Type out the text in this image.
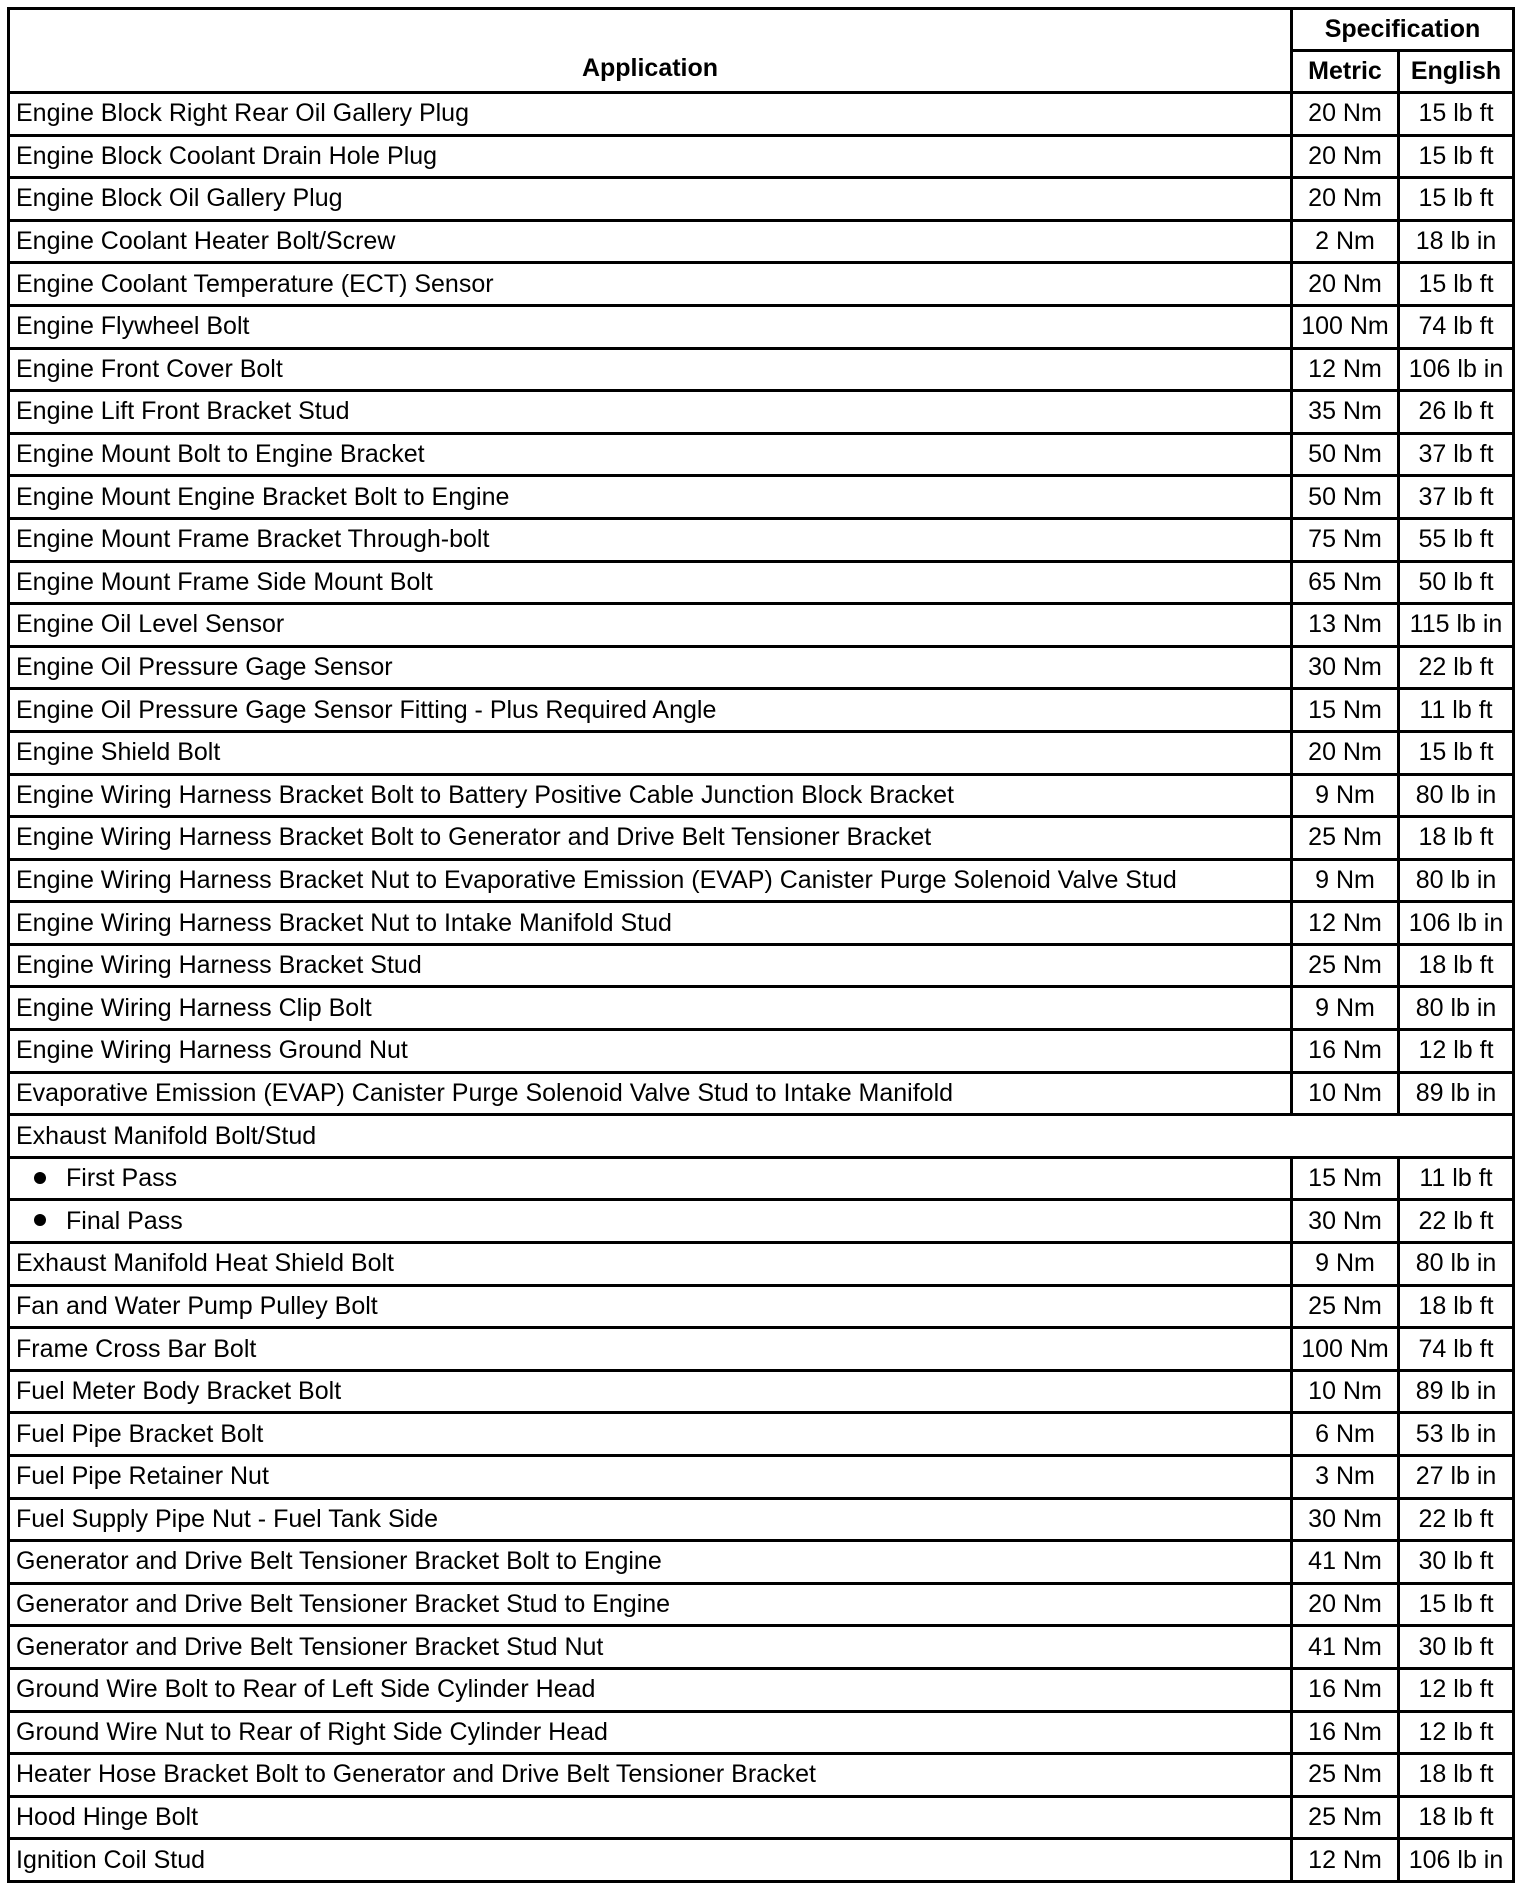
Application	Specification	
	Metric	English
Engine Block Right Rear Oil Gallery Plug	20 Nm	15 lb ft
Engine Block Coolant Drain Hole Plug	20 Nm	15 lb ft
Engine Block Oil Gallery Plug	20 Nm	15 lb ft
Engine Coolant Heater Bolt/Screw	2 Nm	18 lb in
Engine Coolant Temperature (ECT) Sensor	20 Nm	15 lb ft
Engine Flywheel Bolt	100 Nm	74 lb ft
Engine Front Cover Bolt	12 Nm	106 lb in
Engine Lift Front Bracket Stud	35 Nm	26 lb ft
Engine Mount Bolt to Engine Bracket	50 Nm	37 lb ft
Engine Mount Engine Bracket Bolt to Engine	50 Nm	37 lb ft
Engine Mount Frame Bracket Through-bolt	75 Nm	55 lb ft
Engine Mount Frame Side Mount Bolt	65 Nm	50 lb ft
Engine Oil Level Sensor	13 Nm	115 lb in
Engine Oil Pressure Gage Sensor	30 Nm	22 lb ft
Engine Oil Pressure Gage Sensor Fitting - Plus Required Angle	15 Nm	11 lb ft
Engine Shield Bolt	20 Nm	15 lb ft
Engine Wiring Harness Bracket Bolt to Battery Positive Cable Junction Block Bracket	9 Nm	80 lb in
Engine Wiring Harness Bracket Bolt to Generator and Drive Belt Tensioner Bracket	25 Nm	18 lb ft
Engine Wiring Harness Bracket Nut to Evaporative Emission (EVAP) Canister Purge Solenoid Valve Stud	9 Nm	80 lb in
Engine Wiring Harness Bracket Nut to Intake Manifold Stud	12 Nm	106 lb in
Engine Wiring Harness Bracket Stud	25 Nm	18 lb ft
Engine Wiring Harness Clip Bolt	9 Nm	80 lb in
Engine Wiring Harness Ground Nut	16 Nm	12 lb ft
Evaporative Emission (EVAP) Canister Purge Solenoid Valve Stud to Intake Manifold	10 Nm	89 lb in
Exhaust Manifold Bolt/Stud		
First Pass	15 Nm	11 lb ft
Final Pass	30 Nm	22 lb ft
Exhaust Manifold Heat Shield Bolt	9 Nm	80 lb in
Fan and Water Pump Pulley Bolt	25 Nm	18 lb ft
Frame Cross Bar Bolt	100 Nm	74 lb ft
Fuel Meter Body Bracket Bolt	10 Nm	89 lb in
Fuel Pipe Bracket Bolt	6 Nm	53 lb in
Fuel Pipe Retainer Nut	3 Nm	27 lb in
Fuel Supply Pipe Nut - Fuel Tank Side	30 Nm	22 lb ft
Generator and Drive Belt Tensioner Bracket Bolt to Engine	41 Nm	30 lb ft
Generator and Drive Belt Tensioner Bracket Stud to Engine	20 Nm	15 lb ft
Generator and Drive Belt Tensioner Bracket Stud Nut	41 Nm	30 lb ft
Ground Wire Bolt to Rear of Left Side Cylinder Head	16 Nm	12 lb ft
Ground Wire Nut to Rear of Right Side Cylinder Head	16 Nm	12 lb ft
Heater Hose Bracket Bolt to Generator and Drive Belt Tensioner Bracket	25 Nm	18 lb ft
Hood Hinge Bolt	25 Nm	18 lb ft
Ignition Coil Stud	12 Nm	106 lb in
